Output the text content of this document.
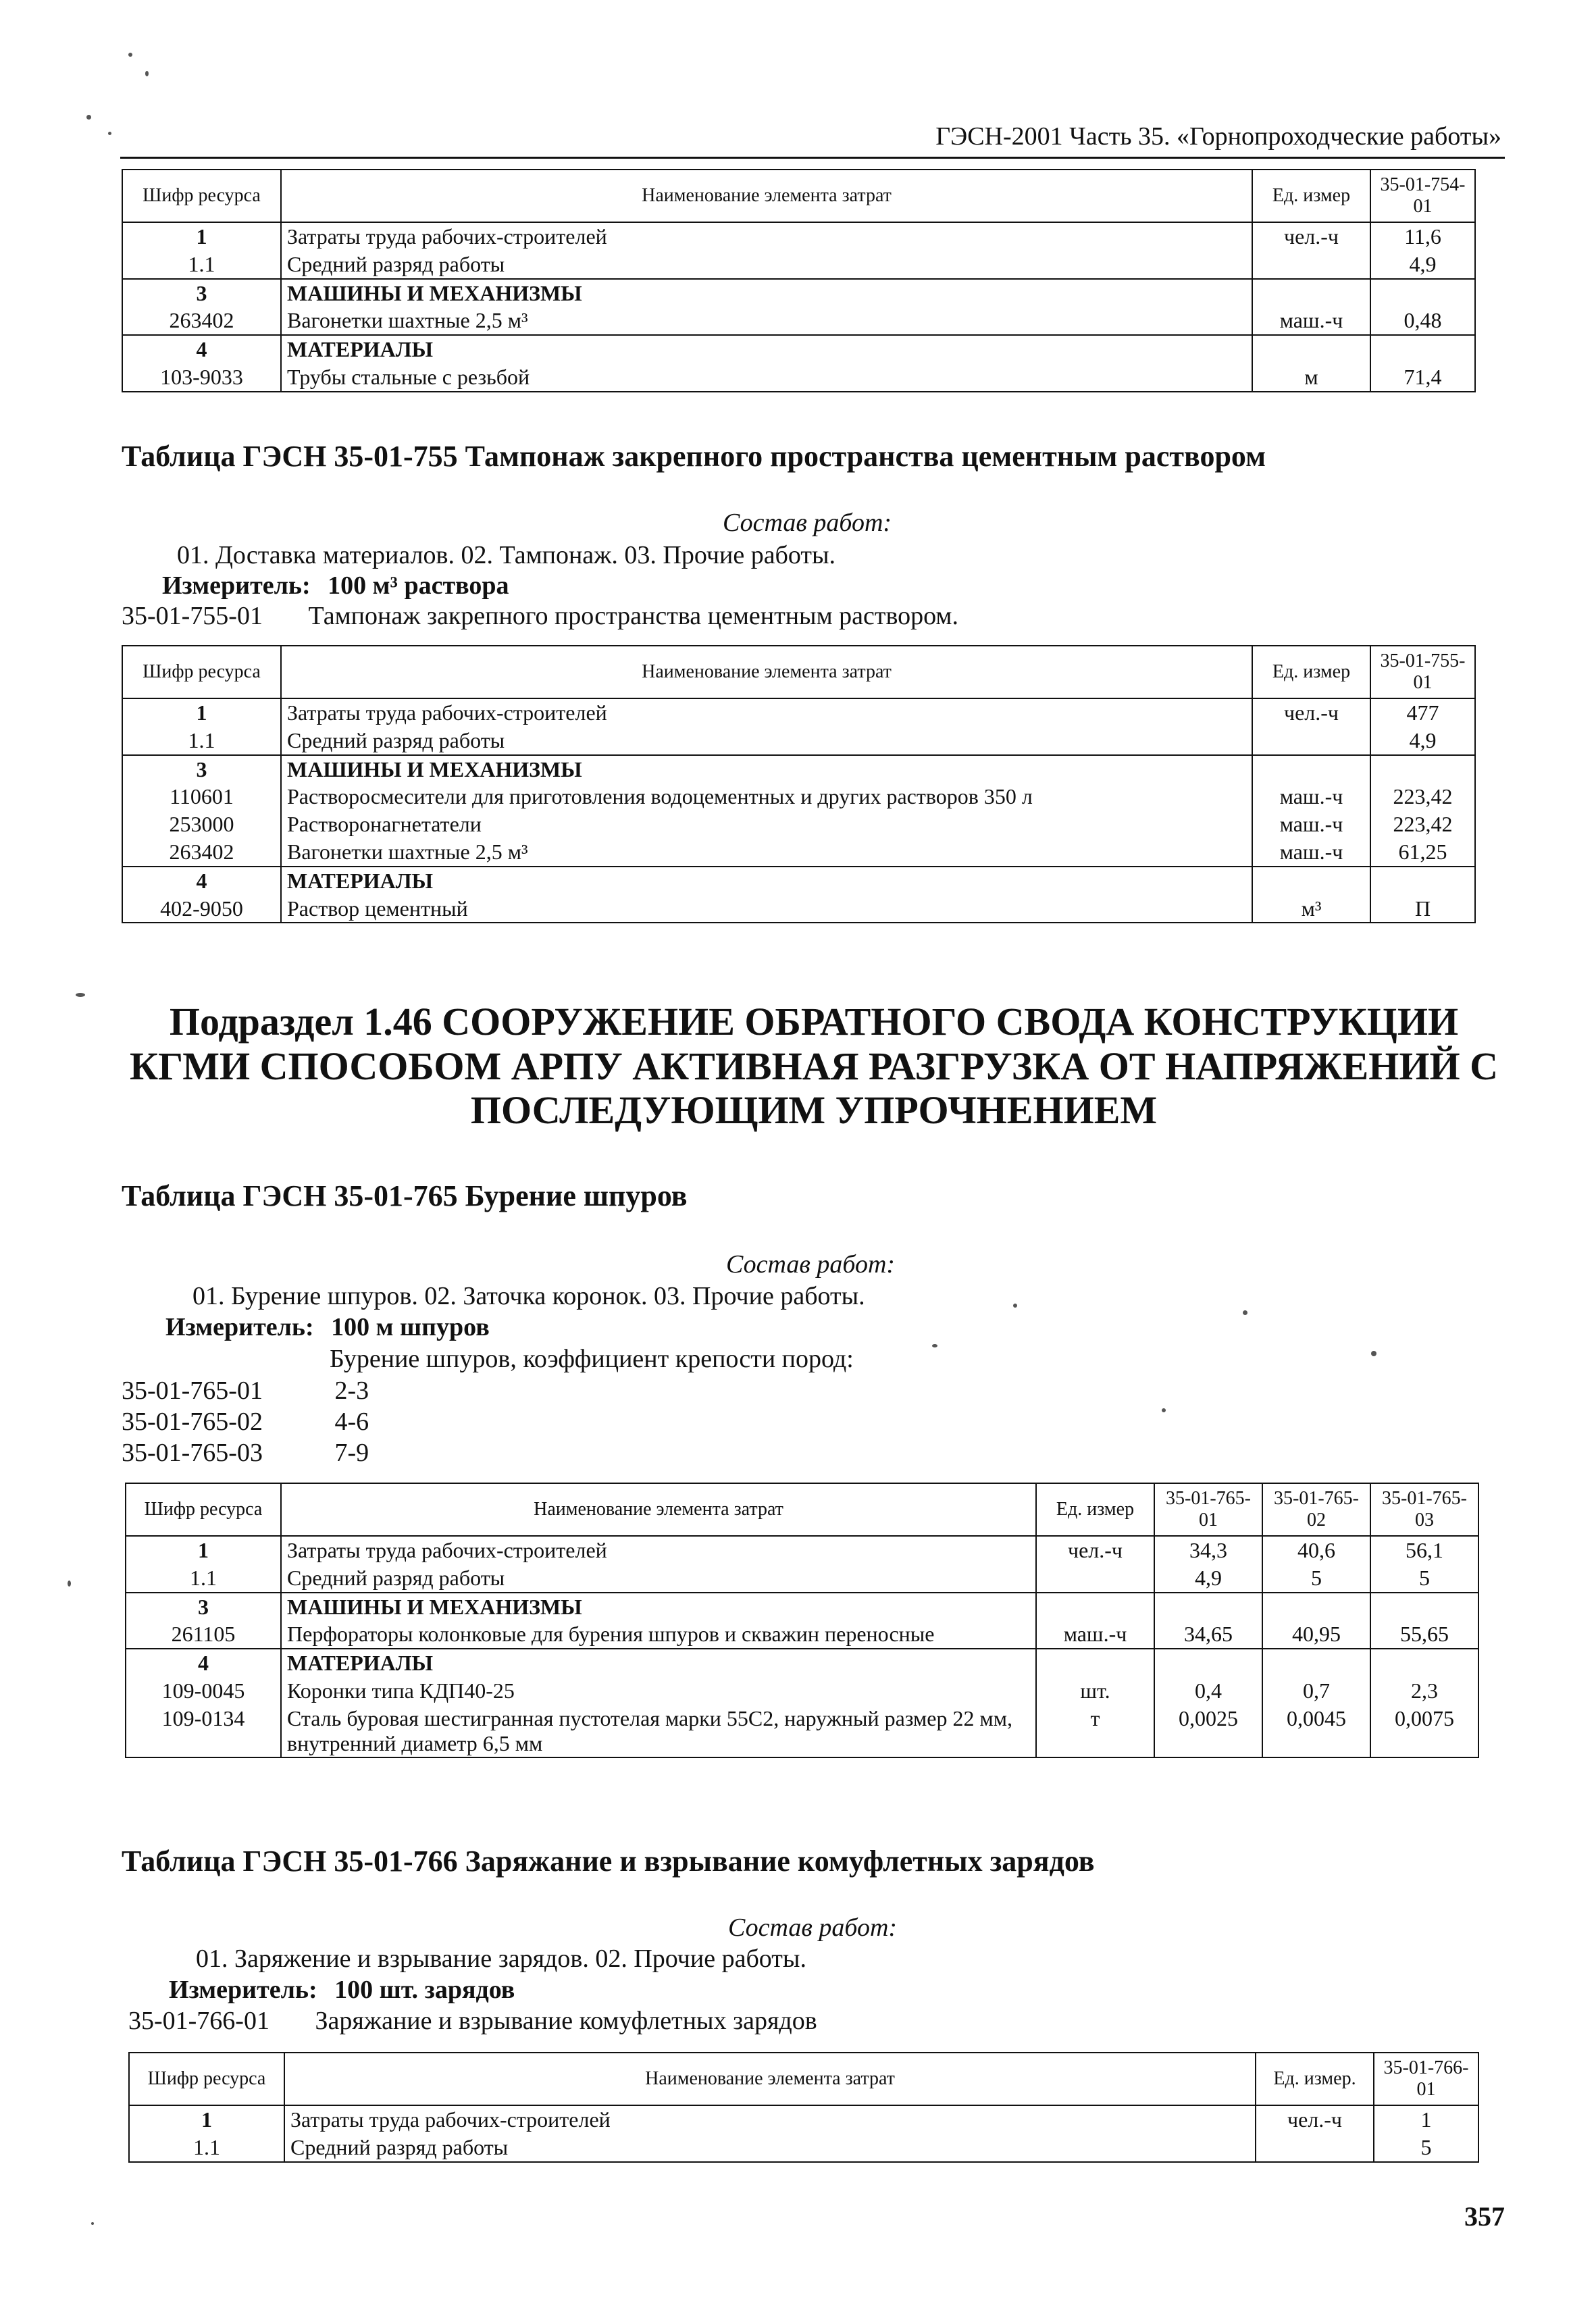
ГЭСН-2001 Часть 35. «Горнопроходческие работы»
Шифр ресурса	Наименование элемента затрат	Ед. измер	35-01-754-01
1	Затраты труда рабочих-строителей	чел.-ч	11,6
1.1	Средний разряд работы		4,9
3	МАШИНЫ И МЕХАНИЗМЫ		
263402	Вагонетки шахтные 2,5 м³	маш.-ч	0,48
4	МАТЕРИАЛЫ		
103-9033	Трубы стальные с резьбой	м	71,4
Таблица ГЭСН 35-01-755 Тампонаж закрепного пространства цементным раствором
Состав работ:
01. Доставка материалов. 02. Тампонаж. 03. Прочие работы.
Измеритель: 100 м³ раствора
35-01-755-01 Тампонаж закрепного пространства цементным раствором.
Шифр ресурса	Наименование элемента затрат	Ед. измер	35-01-755-01
1	Затраты труда рабочих-строителей	чел.-ч	477
1.1	Средний разряд работы		4,9
3	МАШИНЫ И МЕХАНИЗМЫ		
110601	Растворосмесители для приготовления водоцементных и других растворов 350 л	маш.-ч	223,42
253000	Растворонагнетатели	маш.-ч	223,42
263402	Вагонетки шахтные 2,5 м³	маш.-ч	61,25
4	МАТЕРИАЛЫ		
402-9050	Раствор цементный	м³	П
Подраздел 1.46 СООРУЖЕНИЕ ОБРАТНОГО СВОДА КОНСТРУКЦИИ
КГМИ СПОСОБОМ АРПУ АКТИВНАЯ РАЗГРУЗКА ОТ НАПРЯЖЕНИЙ С
ПОСЛЕДУЮЩИМ УПРОЧНЕНИЕМ
Таблица ГЭСН 35-01-765 Бурение шпуров
Состав работ:
01. Бурение шпуров. 02. Заточка коронок. 03. Прочие работы.
Измеритель: 100 м шпуров
Бурение шпуров, коэффициент крепости пород:
35-01-765-01	2-3
35-01-765-02	4-6
35-01-765-03	7-9
Шифр ресурса	Наименование элемента затрат	Ед. измер	35-01-765-01	35-01-765-02	35-01-765-03
1	Затраты труда рабочих-строителей	чел.-ч	34,3	40,6	56,1
1.1	Средний разряд работы		4,9	5	5
3	МАШИНЫ И МЕХАНИЗМЫ				
261105	Перфораторы колонковые для бурения шпуров и скважин переносные	маш.-ч	34,65	40,95	55,65
4	МАТЕРИАЛЫ				
109-0045	Коронки типа КДП40-25	шт.	0,4	0,7	2,3
109-0134	Сталь буровая шестигранная пустотелая марки 55С2, наружный размер 22 мм, внутренний диаметр 6,5 мм	т	0,0025	0,0045	0,0075
Таблица ГЭСН 35-01-766 Заряжание и взрывание комуфлетных зарядов
Состав работ:
01. Заряжение и взрывание зарядов. 02. Прочие работы.
Измеритель: 100 шт. зарядов
35-01-766-01 Заряжание и взрывание комуфлетных зарядов
Шифр ресурса	Наименование элемента затрат	Ед. измер.	35-01-766-01
1	Затраты труда рабочих-строителей	чел.-ч	1
1.1	Средний разряд работы		5
357
